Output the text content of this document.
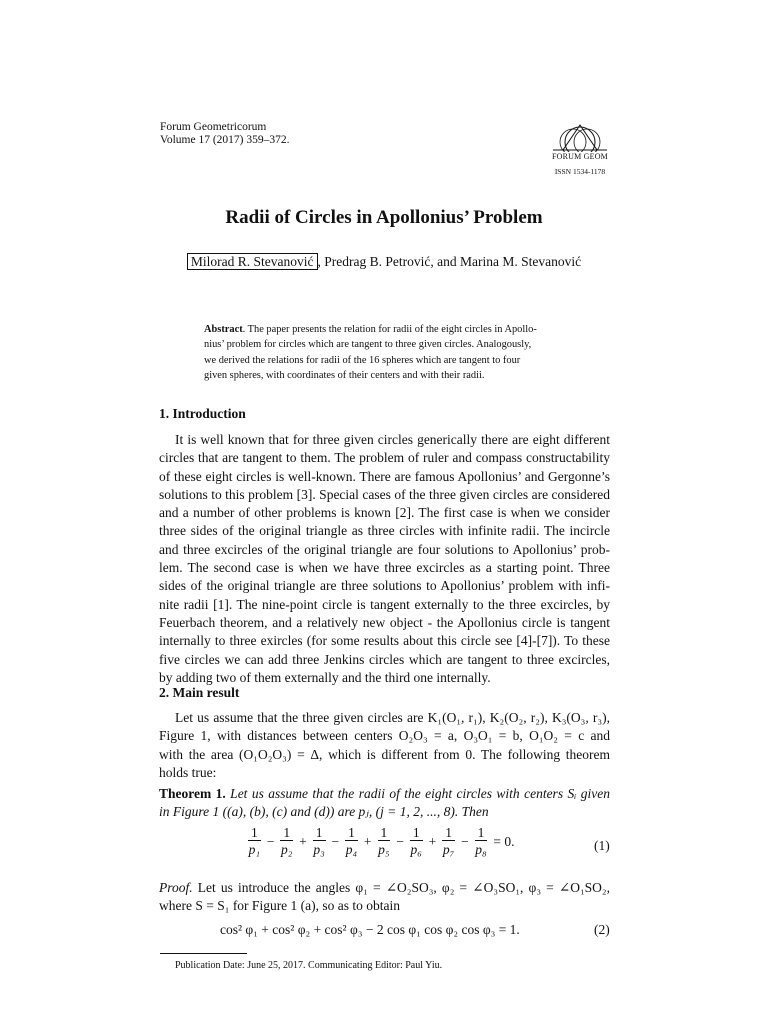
Forum Geometricorum
Volume 17 (2017) 359–372.
FORUM GEOM
ISSN 1534-1178
Radii of Circles in Apollonius’ Problem
Milorad R. Stevanović , Predrag B. Petrović, and Marina M. Stevanović
Abstract. The paper presents the relation for radii of the eight circles in Apollo-
nius’ problem for circles which are tangent to three given circles. Analogously,
we derived the relations for radii of the 16 spheres which are tangent to four
given spheres, with coordinates of their centers and with their radii.
1. Introduction
It is well known that for three given circles generically there are eight different
circles that are tangent to them. The problem of ruler and compass constructability
of these eight circles is well-known. There are famous Apollonius’ and Gergonne’s
solutions to this problem [3]. Special cases of the three given circles are considered
and a number of other problems is known [2]. The first case is when we consider
three sides of the original triangle as three circles with infinite radii. The incircle
and three excircles of the original triangle are four solutions to Apollonius’ prob-
lem. The second case is when we have three excircles as a starting point. Three
sides of the original triangle are three solutions to Apollonius’ problem with infi-
nite radii [1]. The nine-point circle is tangent externally to the three excircles, by
Feuerbach theorem, and a relatively new object - the Apollonius circle is tangent
internally to three exircles (for some results about this circle see [4]-[7]). To these
five circles we can add three Jenkins circles which are tangent to three excircles,
by adding two of them externally and the third one internally.
2. Main result
Let us assume that the three given circles are K₁(O₁, r₁), K₂(O₂, r₂), K₃(O₃, r₃),
Figure 1, with distances between centers O₂O₃ = a, O₃O₁ = b, O₁O₂ = c and
with the area (O₁O₂O₃) = Δ, which is different from 0. The following theorem
holds true:
Theorem 1. Let us assume that the radii of the eight circles with centers Sᵢ given
in Figure 1 ((a), (b), (c) and (d)) are pⱼ, (j = 1, 2, ..., 8). Then
$\frac{1}{\text{p₁}} - \frac{1}{\text{p₂}} + \frac{1}{\text{p₃}} - \frac{1}{\text{p₄}} + \frac{1}{\text{p₅}} - \frac{1}{\text{p₆}} + \frac{1}{\text{p₇}} - \frac{1}{\text{p₈}} = 0$.	(1)
Proof. Let us introduce the angles φ₁ = ∠O₂SO₃, φ₂ = ∠O₃SO₁, φ₃ = ∠O₁SO₂,
where S = S₁ for Figure 1 (a), so as to obtain
cos² φ₁ + cos² φ₂ + cos² φ₃ − 2 cos φ₁ cos φ₂ cos φ₃ = 1.	(2)
Publication Date: June 25, 2017. Communicating Editor: Paul Yiu.
